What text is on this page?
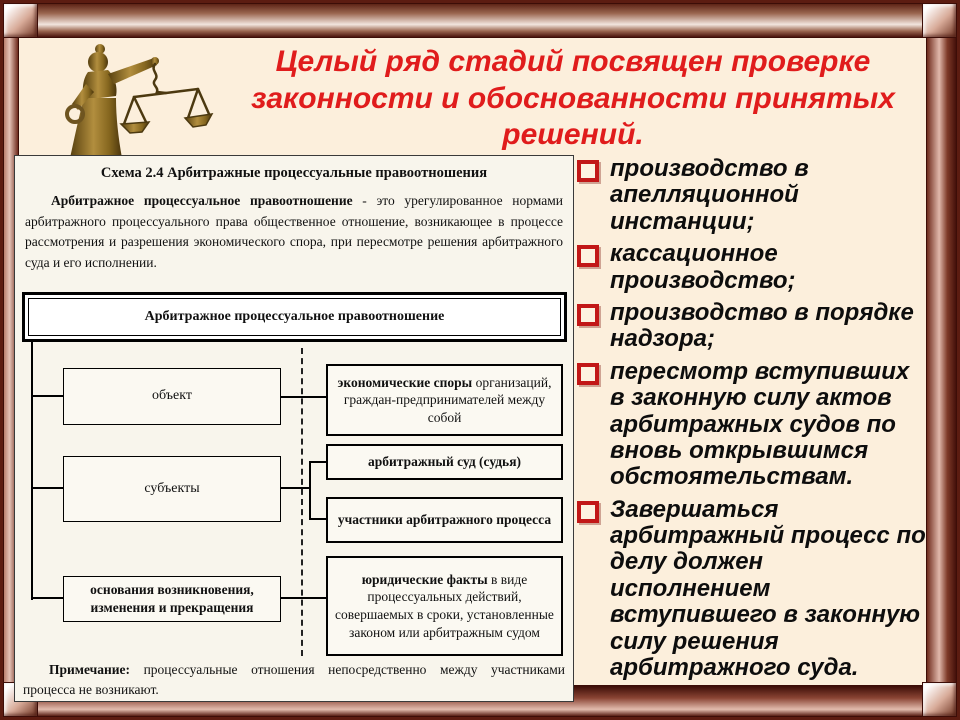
Целый ряд стадий посвящен проверке законности и обоснованности принятых решений.
Схема 2.4 Арбитражные процессуальные правоотношения

Арбитражное процессуальное правоотношение - это урегулированное нормами арбитражного процессуального права общественное отношение, возникающее в процессе рассмотрения и разрешения экономического спора, при пересмотре решения арбитражного суда и его исполнении.

Арбитражное процессуальное правоотношение
объект
субъекты
основания возникновения, изменения и прекращения
экономические споры организаций, граждан-предпринимателей между собой
арбитражный суд (судья)
участники арбитражного процесса
юридические факты в виде процессуальных действий, совершаемых в сроки, установленные законом или арбитражным судом

Примечание: процессуальные отношения непосредственно между участниками процесса не возникают.

производство в апелляционной инстанции;
кассационное производство;
производство в порядке надзора;
пересмотр вступивших в законную силу актов арбитражных судов по вновь открывшимся обстоятельствам.
Завершаться арбитражный процесс по делу должен исполнением вступившего в законную силу решения арбитражного суда.
